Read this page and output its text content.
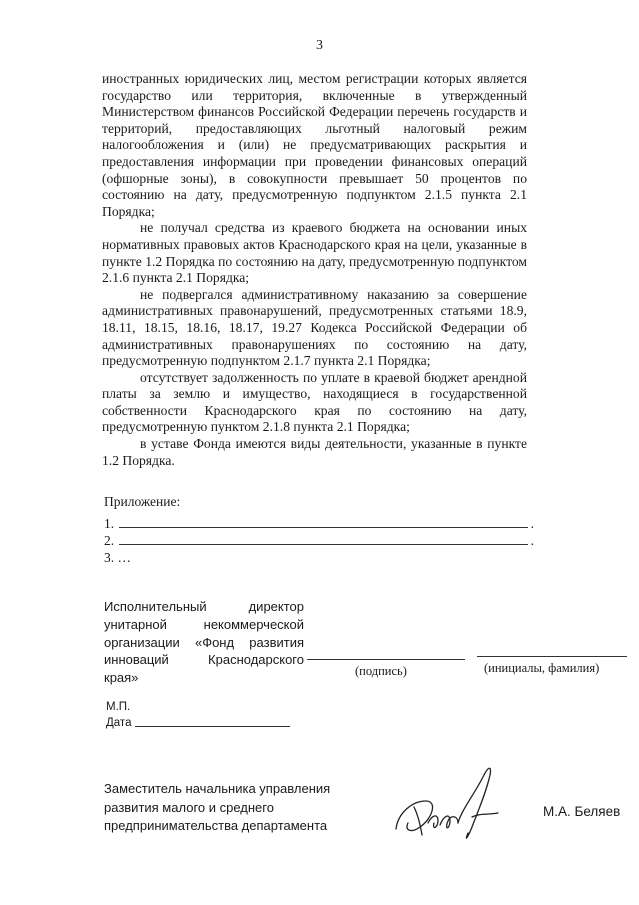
3

иностранных юридических лиц, местом регистрации которых является государство или территория, включенные в утвержденный Министерством финансов Российской Федерации перечень государств и территорий, предоставляющих льготный налоговый режим налогообложения и (или) не предусматривающих раскрытия и предоставления информации при проведении финансовых операций (офшорные зоны), в совокупности превышает 50 процентов по состоянию на дату, предусмотренную подпунктом 2.1.5 пункта 2.1 Порядка;

не получал средства из краевого бюджета на основании иных нормативных правовых актов Краснодарского края на цели, указанные в пункте 1.2 Порядка по состоянию на дату, предусмотренную подпунктом 2.1.6 пункта 2.1 Порядка;

не подвергался административному наказанию за совершение административных правонарушений, предусмотренных статьями 18.9, 18.11, 18.15, 18.16, 18.17, 19.27 Кодекса Российской Федерации об административных правонарушениях по состоянию на дату, предусмотренную подпунктом 2.1.7 пункта 2.1 Порядка;

отсутствует задолженность по уплате в краевой бюджет арендной платы за землю и имущество, находящиеся в государственной собственности Краснодарского края по состоянию на дату, предусмотренную пунктом 2.1.8 пункта 2.1 Порядка;

в уставе Фонда имеются виды деятельности, указанные в пункте 1.2 Порядка.

Приложение:
1.	.
2.	.
3. …
Исполнительный директор
унитарной некоммерческой
организации «Фонд развития
инноваций Краснодарского
края»	(подпись)	(инициалы, фамилия)
М.П.
Дата
Заместитель начальника управления
развития малого и среднего
предпринимательства департамента
М.А. Беляев
